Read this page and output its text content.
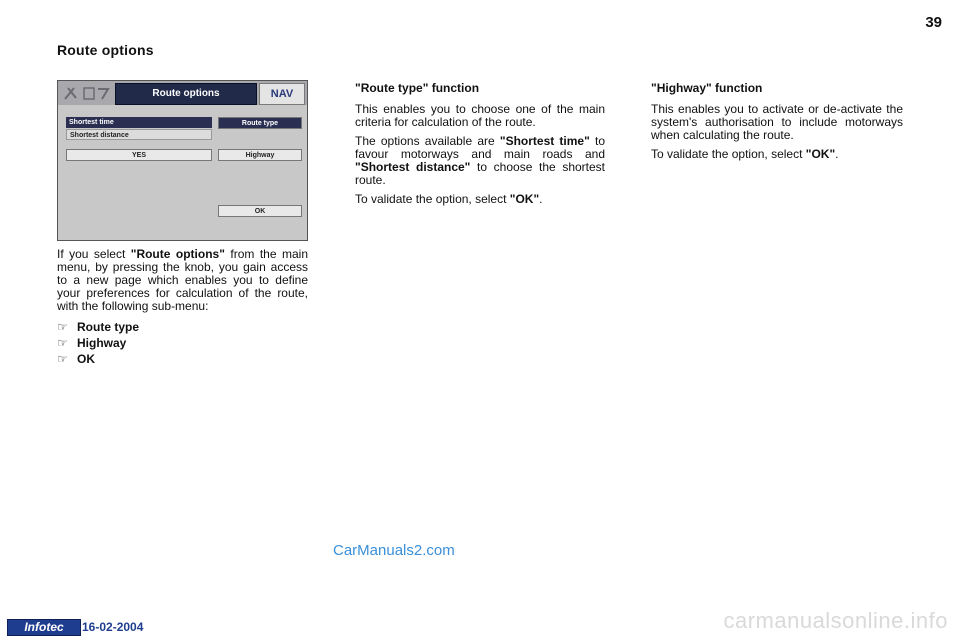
39
Route options
Route options	NAV
Shortest time
Shortest distance
Route type
YES	Highway
OK

If you select "Route options" from the main menu, by pressing the knob, you gain access to a new page which enables you to define your preferences for calculation of the route, with the following sub-menu:

☞ Route type
☞ Highway
☞ OK

"Route type" function

This enables you to choose one of the main criteria for calculation of the route.

The options available are "Shortest time" to favour motorways and main roads and "Shortest distance" to choose the shortest route.

To validate the option, select "OK".

"Highway" function

This enables you to activate or de-activate the system's authorisation to include motorways when calculating the route.

To validate the option, select "OK".

CarManuals2.com
Infotec	16-02-2004	carmanualsonline.info
